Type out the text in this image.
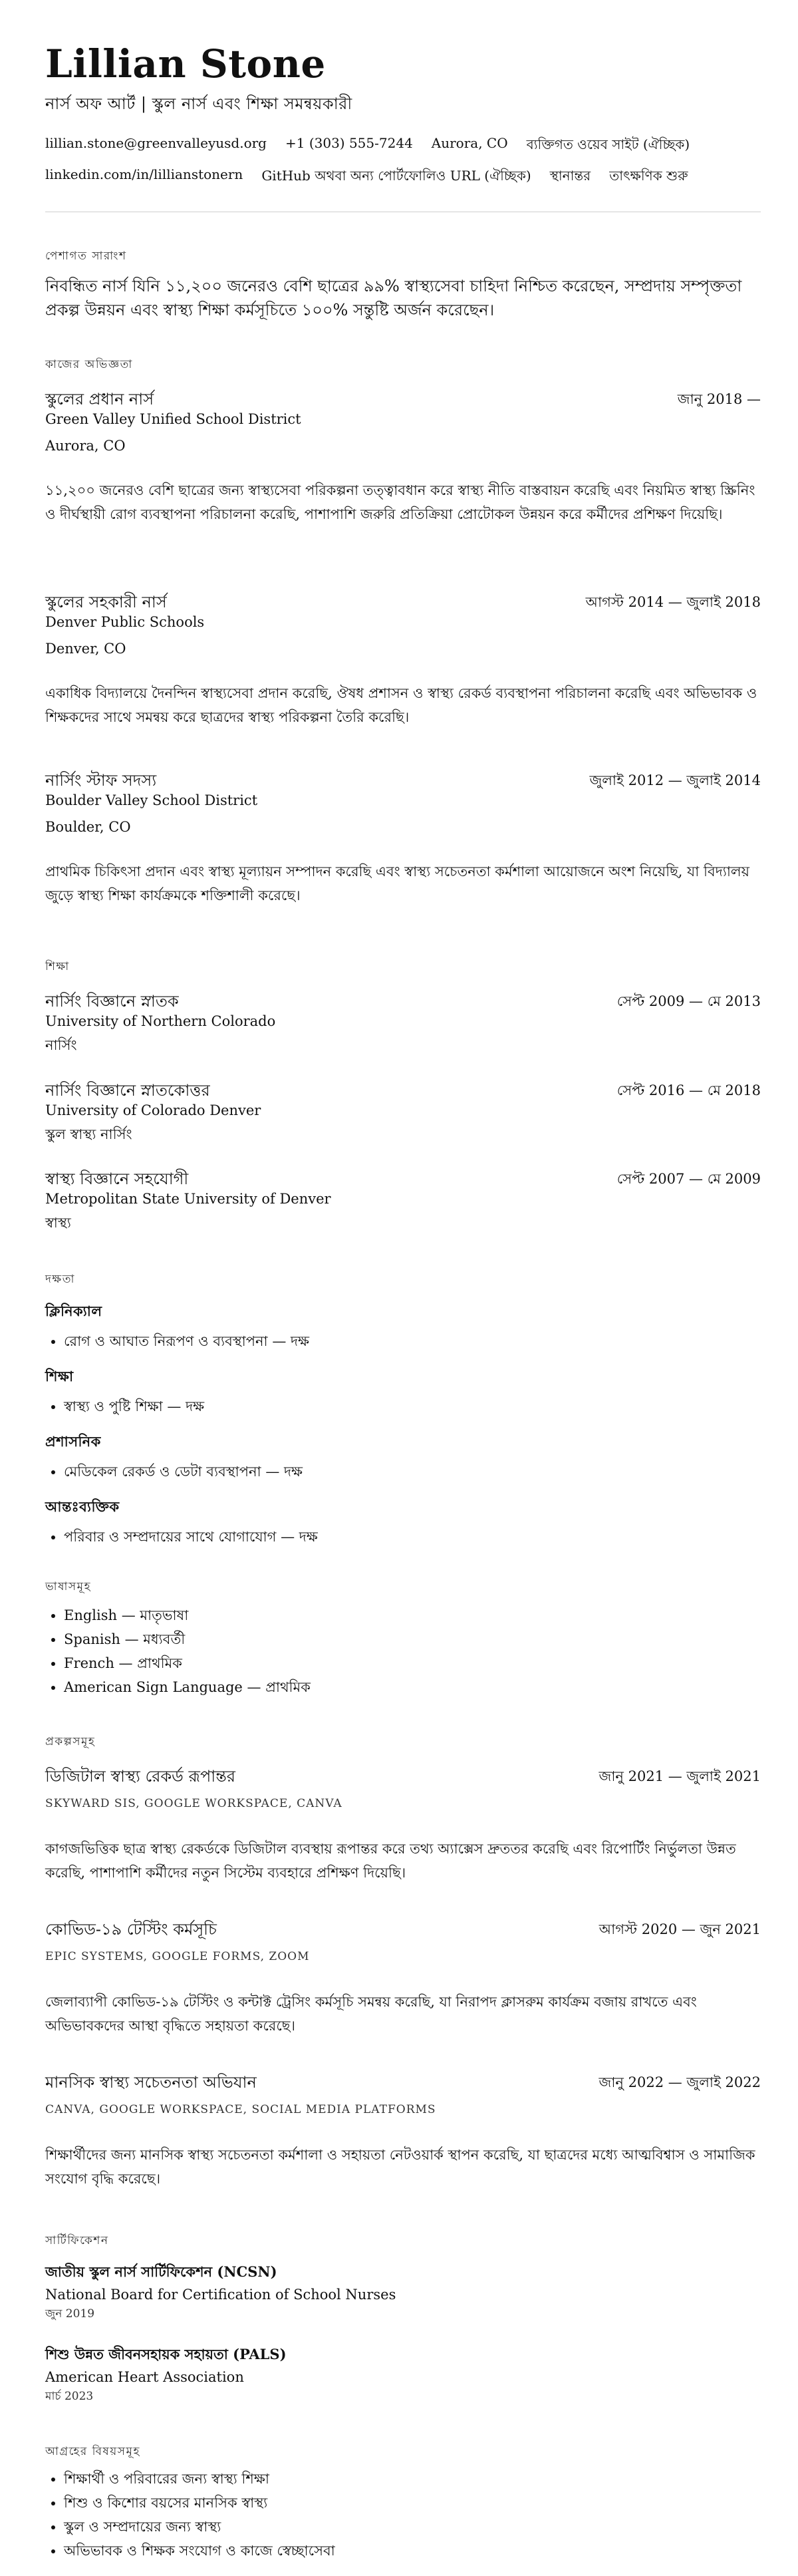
Lillian Stone
নার্স অফ আর্ট | স্কুল নার্স এবং শিক্ষা সমন্বয়কারী
lillian.stone@greenvalleyusd.org +1 (303) 555-7244 Aurora, CO ব্যক্তিগত ওয়েব সাইট (ঐচ্ছিক)
linkedin.com/in/lillianstonern GitHub অথবা অন্য পোর্টফোলিও URL (ঐচ্ছিক) স্থানান্তর তাৎক্ষণিক শুরু
পেশাগত সারাংশ
নিবন্ধিত নার্স যিনি ১১,২০০ জনেরও বেশি ছাত্রের ৯৯% স্বাস্থ্যসেবা চাহিদা নিশ্চিত করেছেন, সম্প্রদায় সম্পৃক্ততা প্রকল্প উন্নয়ন এবং স্বাস্থ্য শিক্ষা কর্মসূচিতে ১০০% সন্তুষ্টি অর্জন করেছেন।
কাজের অভিজ্ঞতা
স্কুলের প্রধান নার্স	জানু 2018 —
Green Valley Unified School District
Aurora, CO
১১,২০০ জনেরও বেশি ছাত্রের জন্য স্বাস্থ্যসেবা পরিকল্পনা তত্ত্বাবধান করে স্বাস্থ্য নীতি বাস্তবায়ন করেছি এবং নিয়মিত স্বাস্থ্য স্ক্রিনিং ও দীর্ঘস্থায়ী রোগ ব্যবস্থাপনা পরিচালনা করেছি, পাশাপাশি জরুরি প্রতিক্রিয়া প্রোটোকল উন্নয়ন করে কর্মীদের প্রশিক্ষণ দিয়েছি।
স্কুলের সহকারী নার্স	আগস্ট 2014 — জুলাই 2018
Denver Public Schools
Denver, CO
একাধিক বিদ্যালয়ে দৈনন্দিন স্বাস্থ্যসেবা প্রদান করেছি, ঔষধ প্রশাসন ও স্বাস্থ্য রেকর্ড ব্যবস্থাপনা পরিচালনা করেছি এবং অভিভাবক ও শিক্ষকদের সাথে সমন্বয় করে ছাত্রদের স্বাস্থ্য পরিকল্পনা তৈরি করেছি।
নার্সিং স্টাফ সদস্য	জুলাই 2012 — জুলাই 2014
Boulder Valley School District
Boulder, CO
প্রাথমিক চিকিৎসা প্রদান এবং স্বাস্থ্য মূল্যায়ন সম্পাদন করেছি এবং স্বাস্থ্য সচেতনতা কর্মশালা আয়োজনে অংশ নিয়েছি, যা বিদ্যালয় জুড়ে স্বাস্থ্য শিক্ষা কার্যক্রমকে শক্তিশালী করেছে।
শিক্ষা
নার্সিং বিজ্ঞানে স্নাতক	সেপ্ট 2009 — মে 2013
University of Northern Colorado
নার্সিং
নার্সিং বিজ্ঞানে স্নাতকোত্তর	সেপ্ট 2016 — মে 2018
University of Colorado Denver
স্কুল স্বাস্থ্য নার্সিং
স্বাস্থ্য বিজ্ঞানে সহযোগী	সেপ্ট 2007 — মে 2009
Metropolitan State University of Denver
স্বাস্থ্য
দক্ষতা
ক্লিনিক্যাল
• রোগ ও আঘাত নিরূপণ ও ব্যবস্থাপনা — দক্ষ
শিক্ষা
• স্বাস্থ্য ও পুষ্টি শিক্ষা — দক্ষ
প্রশাসনিক
• মেডিকেল রেকর্ড ও ডেটা ব্যবস্থাপনা — দক্ষ
আন্তঃব্যক্তিক
• পরিবার ও সম্প্রদায়ের সাথে যোগাযোগ — দক্ষ
ভাষাসমূহ
• English — মাতৃভাষা
• Spanish — মধ্যবর্তী
• French — প্রাথমিক
• American Sign Language — প্রাথমিক
প্রকল্পসমূহ
ডিজিটাল স্বাস্থ্য রেকর্ড রূপান্তর	জানু 2021 — জুলাই 2021
SKYWARD SIS, GOOGLE WORKSPACE, CANVA
কাগজভিত্তিক ছাত্র স্বাস্থ্য রেকর্ডকে ডিজিটাল ব্যবস্থায় রূপান্তর করে তথ্য অ্যাক্সেস দ্রুততর করেছি এবং রিপোর্টিং নির্ভুলতা উন্নত করেছি, পাশাপাশি কর্মীদের নতুন সিস্টেম ব্যবহারে প্রশিক্ষণ দিয়েছি।
কোভিড-১৯ টেস্টিং কর্মসূচি	আগস্ট 2020 — জুন 2021
EPIC SYSTEMS, GOOGLE FORMS, ZOOM
জেলাব্যাপী কোভিড-১৯ টেস্টিং ও কন্টাক্ট ট্রেসিং কর্মসূচি সমন্বয় করেছি, যা নিরাপদ ক্লাসরুম কার্যক্রম বজায় রাখতে এবং অভিভাবকদের আস্থা বৃদ্ধিতে সহায়তা করেছে।
মানসিক স্বাস্থ্য সচেতনতা অভিযান	জানু 2022 — জুলাই 2022
CANVA, GOOGLE WORKSPACE, SOCIAL MEDIA PLATFORMS
শিক্ষার্থীদের জন্য মানসিক স্বাস্থ্য সচেতনতা কর্মশালা ও সহায়তা নেটওয়ার্ক স্থাপন করেছি, যা ছাত্রদের মধ্যে আত্মবিশ্বাস ও সামাজিক সংযোগ বৃদ্ধি করেছে।
সার্টিফিকেশন
জাতীয় স্কুল নার্স সার্টিফিকেশন (NCSN)
National Board for Certification of School Nurses
জুন 2019
শিশু উন্নত জীবনসহায়ক সহায়তা (PALS)
American Heart Association
মার্চ 2023
আগ্রহের বিষয়সমূহ
• শিক্ষার্থী ও পরিবারের জন্য স্বাস্থ্য শিক্ষা
• শিশু ও কিশোর বয়সের মানসিক স্বাস্থ্য
• স্কুল ও সম্প্রদায়ের জন্য স্বাস্থ্য
• অভিভাবক ও শিক্ষক সংযোগ ও কাজে স্বেচ্ছাসেবা
